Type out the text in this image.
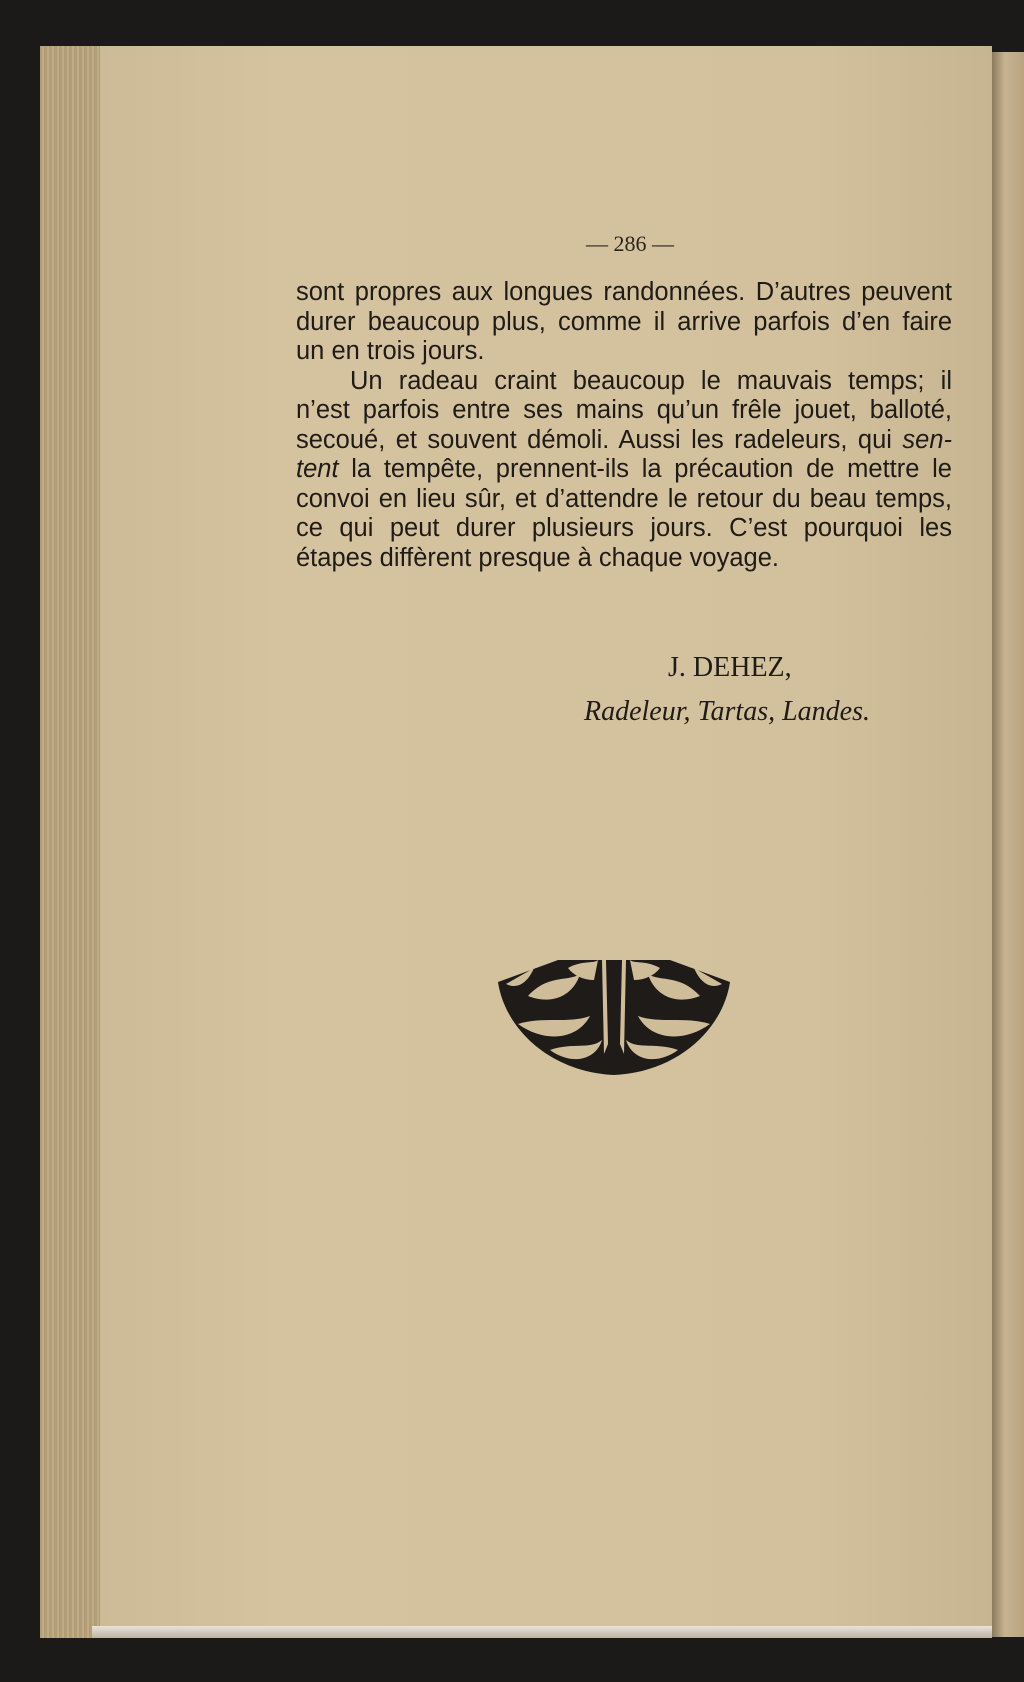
— 286 —

sont propres aux longues randonnées. D’autres peuvent
durer beaucoup plus, comme il arrive parfois d’en faire
un en trois jours.

Un radeau craint beaucoup le mauvais temps; il
n’est parfois entre ses mains qu’un frêle jouet, balloté,
secoué, et souvent démoli. Aussi les radeleurs, qui sen-
tent la tempête, prennent-ils la précaution de mettre le
convoi en lieu sûr, et d’attendre le retour du beau temps,
ce qui peut durer plusieurs jours. C’est pourquoi les
étapes diffèrent presque à chaque voyage.

J. DEHEZ,
Radeleur, Tartas, Landes.
